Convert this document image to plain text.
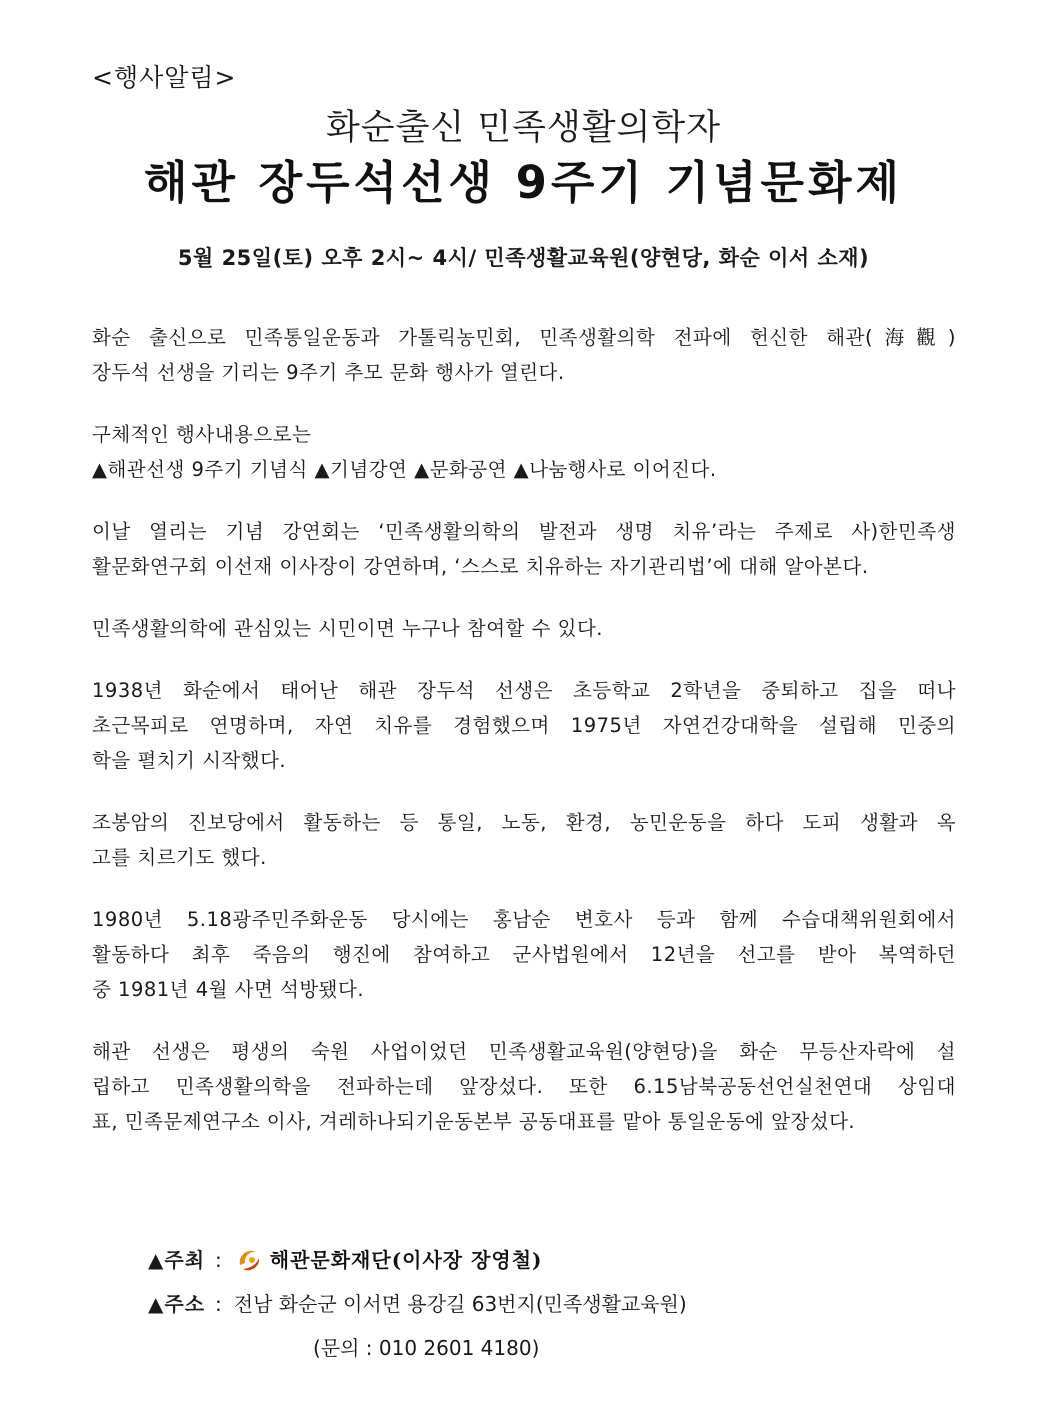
<행사알림>
화순출신 민족생활의학자
해관 장두석선생 9주기 기념문화제
5월 25일(토) 오후 2시~ 4시/ 민족생활교육원(양현당, 화순 이서 소재)
화순 출신으로 민족통일운동과 가톨릭농민회, 민족생활의학 전파에 헌신한 해관(海觀)
장두석 선생을 기리는 9주기 추모 문화 행사가 열린다.
구체적인 행사내용으로는
▲해관선생 9주기 기념식 ▲기념강연 ▲문화공연 ▲나눔행사로 이어진다.
이날 열리는 기념 강연회는 ‘민족생활의학의 발전과 생명 치유’라는 주제로 사)한민족생
활문화연구회 이선재 이사장이 강연하며, ‘스스로 치유하는 자기관리법’에 대해 알아본다.
민족생활의학에 관심있는 시민이면 누구나 참여할 수 있다.
1938년 화순에서 태어난 해관 장두석 선생은 초등학교 2학년을 중퇴하고 집을 떠나
초근목피로 연명하며, 자연 치유를 경험했으며 1975년 자연건강대학을 설립해 민중의
학을 펼치기 시작했다.
조봉암의 진보당에서 활동하는 등 통일, 노동, 환경, 농민운동을 하다 도피 생활과 옥
고를 치르기도 했다.
1980년 5.18광주민주화운동 당시에는 홍남순 변호사 등과 함께 수습대책위원회에서
활동하다 최후 죽음의 행진에 참여하고 군사법원에서 12년을 선고를 받아 복역하던
중 1981년 4월 사면 석방됐다.
해관 선생은 평생의 숙원 사업이었던 민족생활교육원(양현당)을 화순 무등산자락에 설
립하고 민족생활의학을 전파하는데 앞장섰다. 또한 6.15남북공동선언실천연대 상임대
표, 민족문제연구소 이사, 겨레하나되기운동본부 공동대표를 맡아 통일운동에 앞장섰다.
▲주최 : 해관문화재단(이사장 장영철)
▲주소 : 전남 화순군 이서면 용강길 63번지(민족생활교육원)
(문의 : 010 2601 4180)
